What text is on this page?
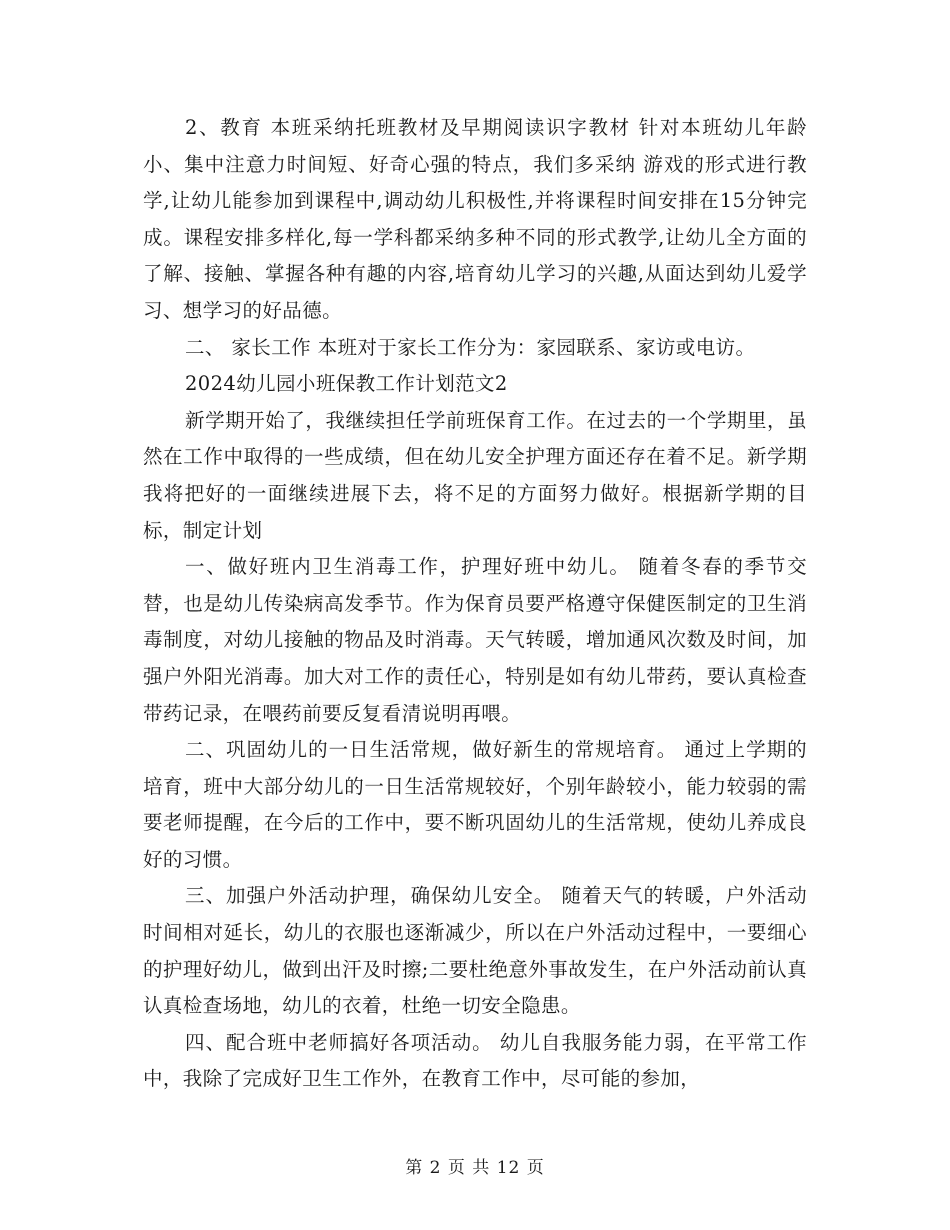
2、教育 本班采纳托班教材及早期阅读识字教材 针对本班幼儿年龄小、集中注意力时间短、好奇心强的特点，我们多采纳 游戏的形式进行教学,让幼儿能参加到课程中,调动幼儿积极性,并将课程时间安排在15分钟完成。课程安排多样化,每一学科都采纳多种不同的形式教学,让幼儿全方面的了解、接触、掌握各种有趣的内容,培育幼儿学习的兴趣,从面达到幼儿爱学习、想学习的好品德。

二、 家长工作 本班对于家长工作分为：家园联系、家访或电访。

2024幼儿园小班保教工作计划范文2

新学期开始了，我继续担任学前班保育工作。在过去的一个学期里，虽然在工作中取得的一些成绩，但在幼儿安全护理方面还存在着不足。新学期我将把好的一面继续进展下去，将不足的方面努力做好。根据新学期的目标，制定计划

一、做好班内卫生消毒工作，护理好班中幼儿。 随着冬春的季节交替，也是幼儿传染病高发季节。作为保育员要严格遵守保健医制定的卫生消毒制度，对幼儿接触的物品及时消毒。天气转暖，增加通风次数及时间，加强户外阳光消毒。加大对工作的责任心，特别是如有幼儿带药，要认真检查带药记录，在喂药前要反复看清说明再喂。

二、巩固幼儿的一日生活常规，做好新生的常规培育。 通过上学期的培育，班中大部分幼儿的一日生活常规较好，个别年龄较小，能力较弱的需要老师提醒，在今后的工作中，要不断巩固幼儿的生活常规，使幼儿养成良好的习惯。

三、加强户外活动护理，确保幼儿安全。 随着天气的转暖，户外活动时间相对延长，幼儿的衣服也逐渐减少，所以在户外活动过程中，一要细心的护理好幼儿，做到出汗及时擦;二要杜绝意外事故发生，在户外活动前认真认真检查场地，幼儿的衣着，杜绝一切安全隐患。

四、配合班中老师搞好各项活动。 幼儿自我服务能力弱，在平常工作中，我除了完成好卫生工作外，在教育工作中，尽可能的参加，

第 2 页 共 12 页
